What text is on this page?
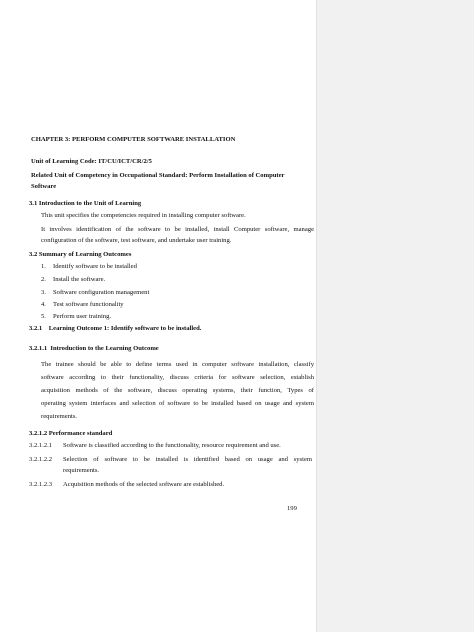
CHAPTER 3: PERFORM COMPUTER SOFTWARE INSTALLATION
Unit of Learning Code: IT/CU/ICT/CR/2/5
Related Unit of Competency in Occupational Standard: Perform Installation of Computer
Software
3.1 Introduction to the Unit of Learning
This unit specifies the competencies required in installing computer software.
It involves identification of the software to be installed, install Computer software, manage
configuration of the software, test software, and undertake user training.
3.2 Summary of Learning Outcomes
1. Identify software to be installed
2. Install the software.
3. Software configuration management
4. Test software functionality
5. Perform user training.
3.2.1    Learning Outcome 1: Identify software to be installed.
3.2.1.1  Introduction to the Learning Outcome
The trainee should be able to define terms used in computer software installation, classify
software according to their functionality, discuss criteria for software selection, establish
acquisition methods of the software, discuss operating systems, their function, Types of
operating system interfaces and selection of software to be installed based on usage and system
requirements.
3.2.1.2 Performance standard
3.2.1.2.1 Software is classified according to the functionality, resource requirement and use.
3.2.1.2.2 Selection of software to be installed is identified based on usage and system
requirements.
3.2.1.2.3 Acquisition methods of the selected software are established.
199
